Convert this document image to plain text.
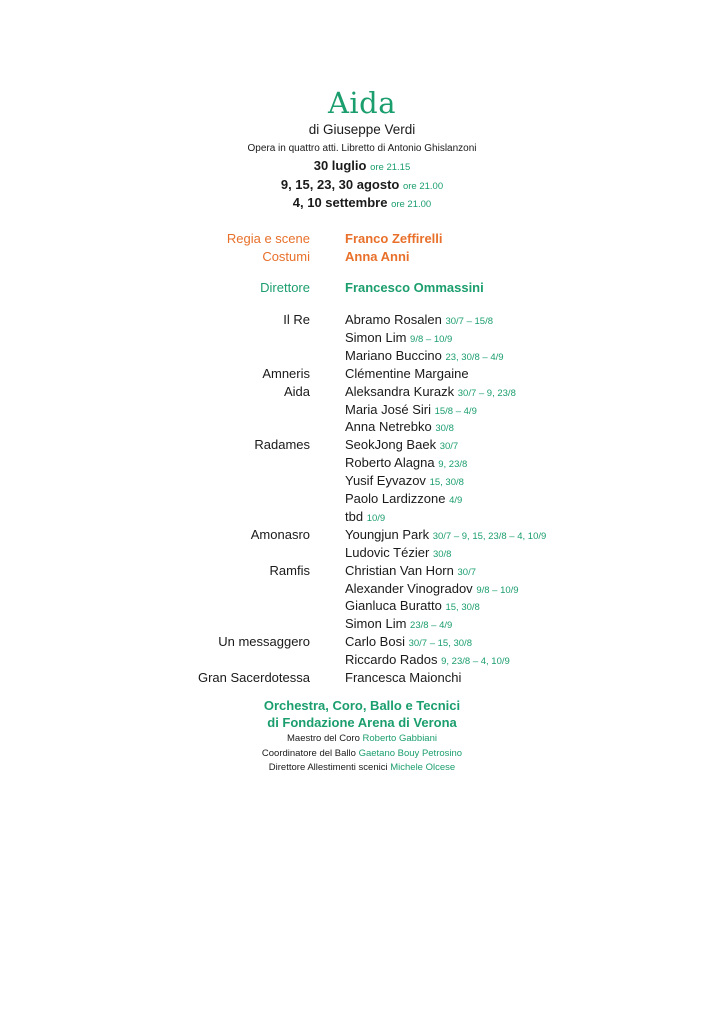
Aida
di Giuseppe Verdi
Opera in quattro atti. Libretto di Antonio Ghislanzoni
30 luglio ore 21.15
9, 15, 23, 30 agosto ore 21.00
4, 10 settembre ore 21.00
Regia e scene	Franco Zeffirelli
Costumi	Anna Anni
Direttore	Francesco Ommassini
Il Re	Abramo Rosalen 30/7 – 15/8
Simon Lim 9/8 – 10/9
Mariano Buccino 23, 30/8 – 4/9
Amneris	Clémentine Margaine
Aida	Aleksandra Kurazk 30/7 – 9, 23/8
Maria José Siri 15/8 – 4/9
Anna Netrebko 30/8
Radames	SeokJong Baek 30/7
Roberto Alagna 9, 23/8
Yusif Eyvazov 15, 30/8
Paolo Lardizzone 4/9
tbd 10/9
Amonasro	Youngjun Park 30/7 – 9, 15, 23/8 – 4, 10/9
Ludovic Tézier 30/8
Ramfis	Christian Van Horn 30/7
Alexander Vinogradov 9/8 – 10/9
Gianluca Buratto 15, 30/8
Simon Lim 23/8 – 4/9
Un messaggero	Carlo Bosi 30/7 – 15, 30/8
Riccardo Rados 9, 23/8 – 4, 10/9
Gran Sacerdotessa	Francesca Maionchi
Orchestra, Coro, Ballo e Tecnici
di Fondazione Arena di Verona
Maestro del Coro Roberto Gabbiani
Coordinatore del Ballo Gaetano Bouy Petrosino
Direttore Allestimenti scenici Michele Olcese
